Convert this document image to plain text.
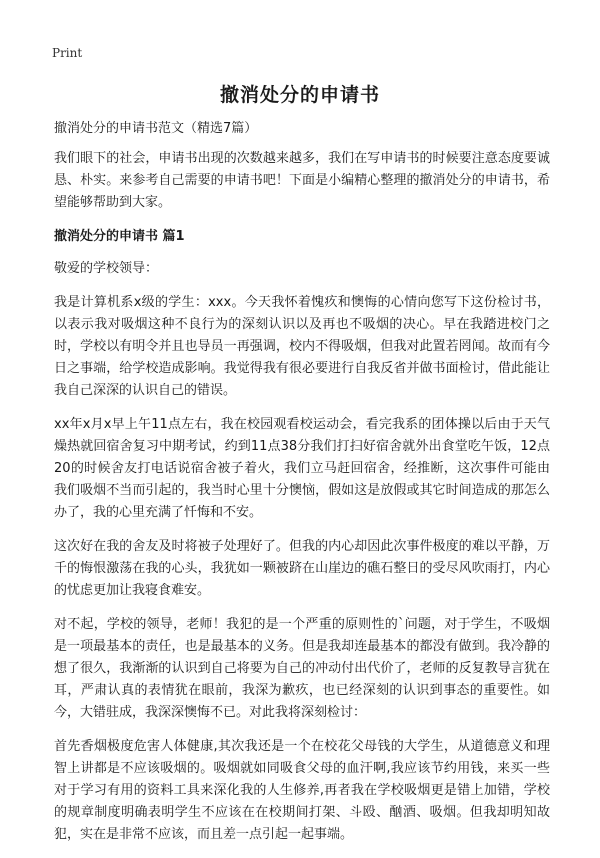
Print
撤消处分的申请书

撤消处分的申请书范文（精选7篇）

我们眼下的社会，申请书出现的次数越来越多，我们在写申请书的时候要注意态度要诚恳、朴实。来参考自己需要的申请书吧！下面是小编精心整理的撤消处分的申请书，希望能够帮助到大家。

撤消处分的申请书 篇1

敬爱的学校领导：

我是计算机系x级的学生：xxx。今天我怀着愧疚和懊悔的心情向您写下这份检讨书，以表示我对吸烟这种不良行为的深刻认识以及再也不吸烟的决心。早在我踏进校门之时，学校以有明令并且也导员一再强调，校内不得吸烟，但我对此置若罔闻。故而有今日之事端，给学校造成影响。我觉得我有很必要进行自我反省并做书面检讨，借此能让我自己深深的认识自己的错误。

xx年x月x早上午11点左右，我在校园观看校运动会，看完我系的团体操以后由于天气燥热就回宿舍复习中期考试，约到11点38分我们打扫好宿舍就外出食堂吃午饭，12点20的时候舍友打电话说宿舍被子着火，我们立马赶回宿舍，经推断，这次事件可能由我们吸烟不当而引起的，我当时心里十分懊恼，假如这是放假或其它时间造成的那怎么办了，我的心里充满了忏悔和不安。

这次好在我的舍友及时将被子处理好了。但我的内心却因此次事件极度的难以平静，万千的悔恨激荡在我的心头，我犹如一颗被跻在山崖边的礁石整日的受尽风吹雨打，内心的忧虑更加让我寝食难安。

对不起，学校的领导，老师！我犯的是一个严重的原则性的`问题，对于学生，不吸烟是一项最基本的责任，也是最基本的义务。但是我却连最基本的都没有做到。我冷静的想了很久，我渐渐的认识到自己将要为自己的冲动付出代价了，老师的反复教导言犹在耳，严肃认真的表情犹在眼前，我深为歉疚，也已经深刻的认识到事态的重要性。如今，大错驻成，我深深懊悔不已。对此我将深刻检讨：

首先香烟极度危害人体健康,其次我还是一个在校花父母钱的大学生，从道德意义和理智上讲都是不应该吸烟的。吸烟就如同吸食父母的血汗啊,我应该节约用钱，来买一些对于学习有用的资料工具来深化我的人生修养,再者我在学校吸烟更是错上加错，学校的规章制度明确表明学生不应该在在校期间打架、斗殴、酗酒、吸烟。但我却明知故犯，实在是非常不应该，而且差一点引起一起事端。
